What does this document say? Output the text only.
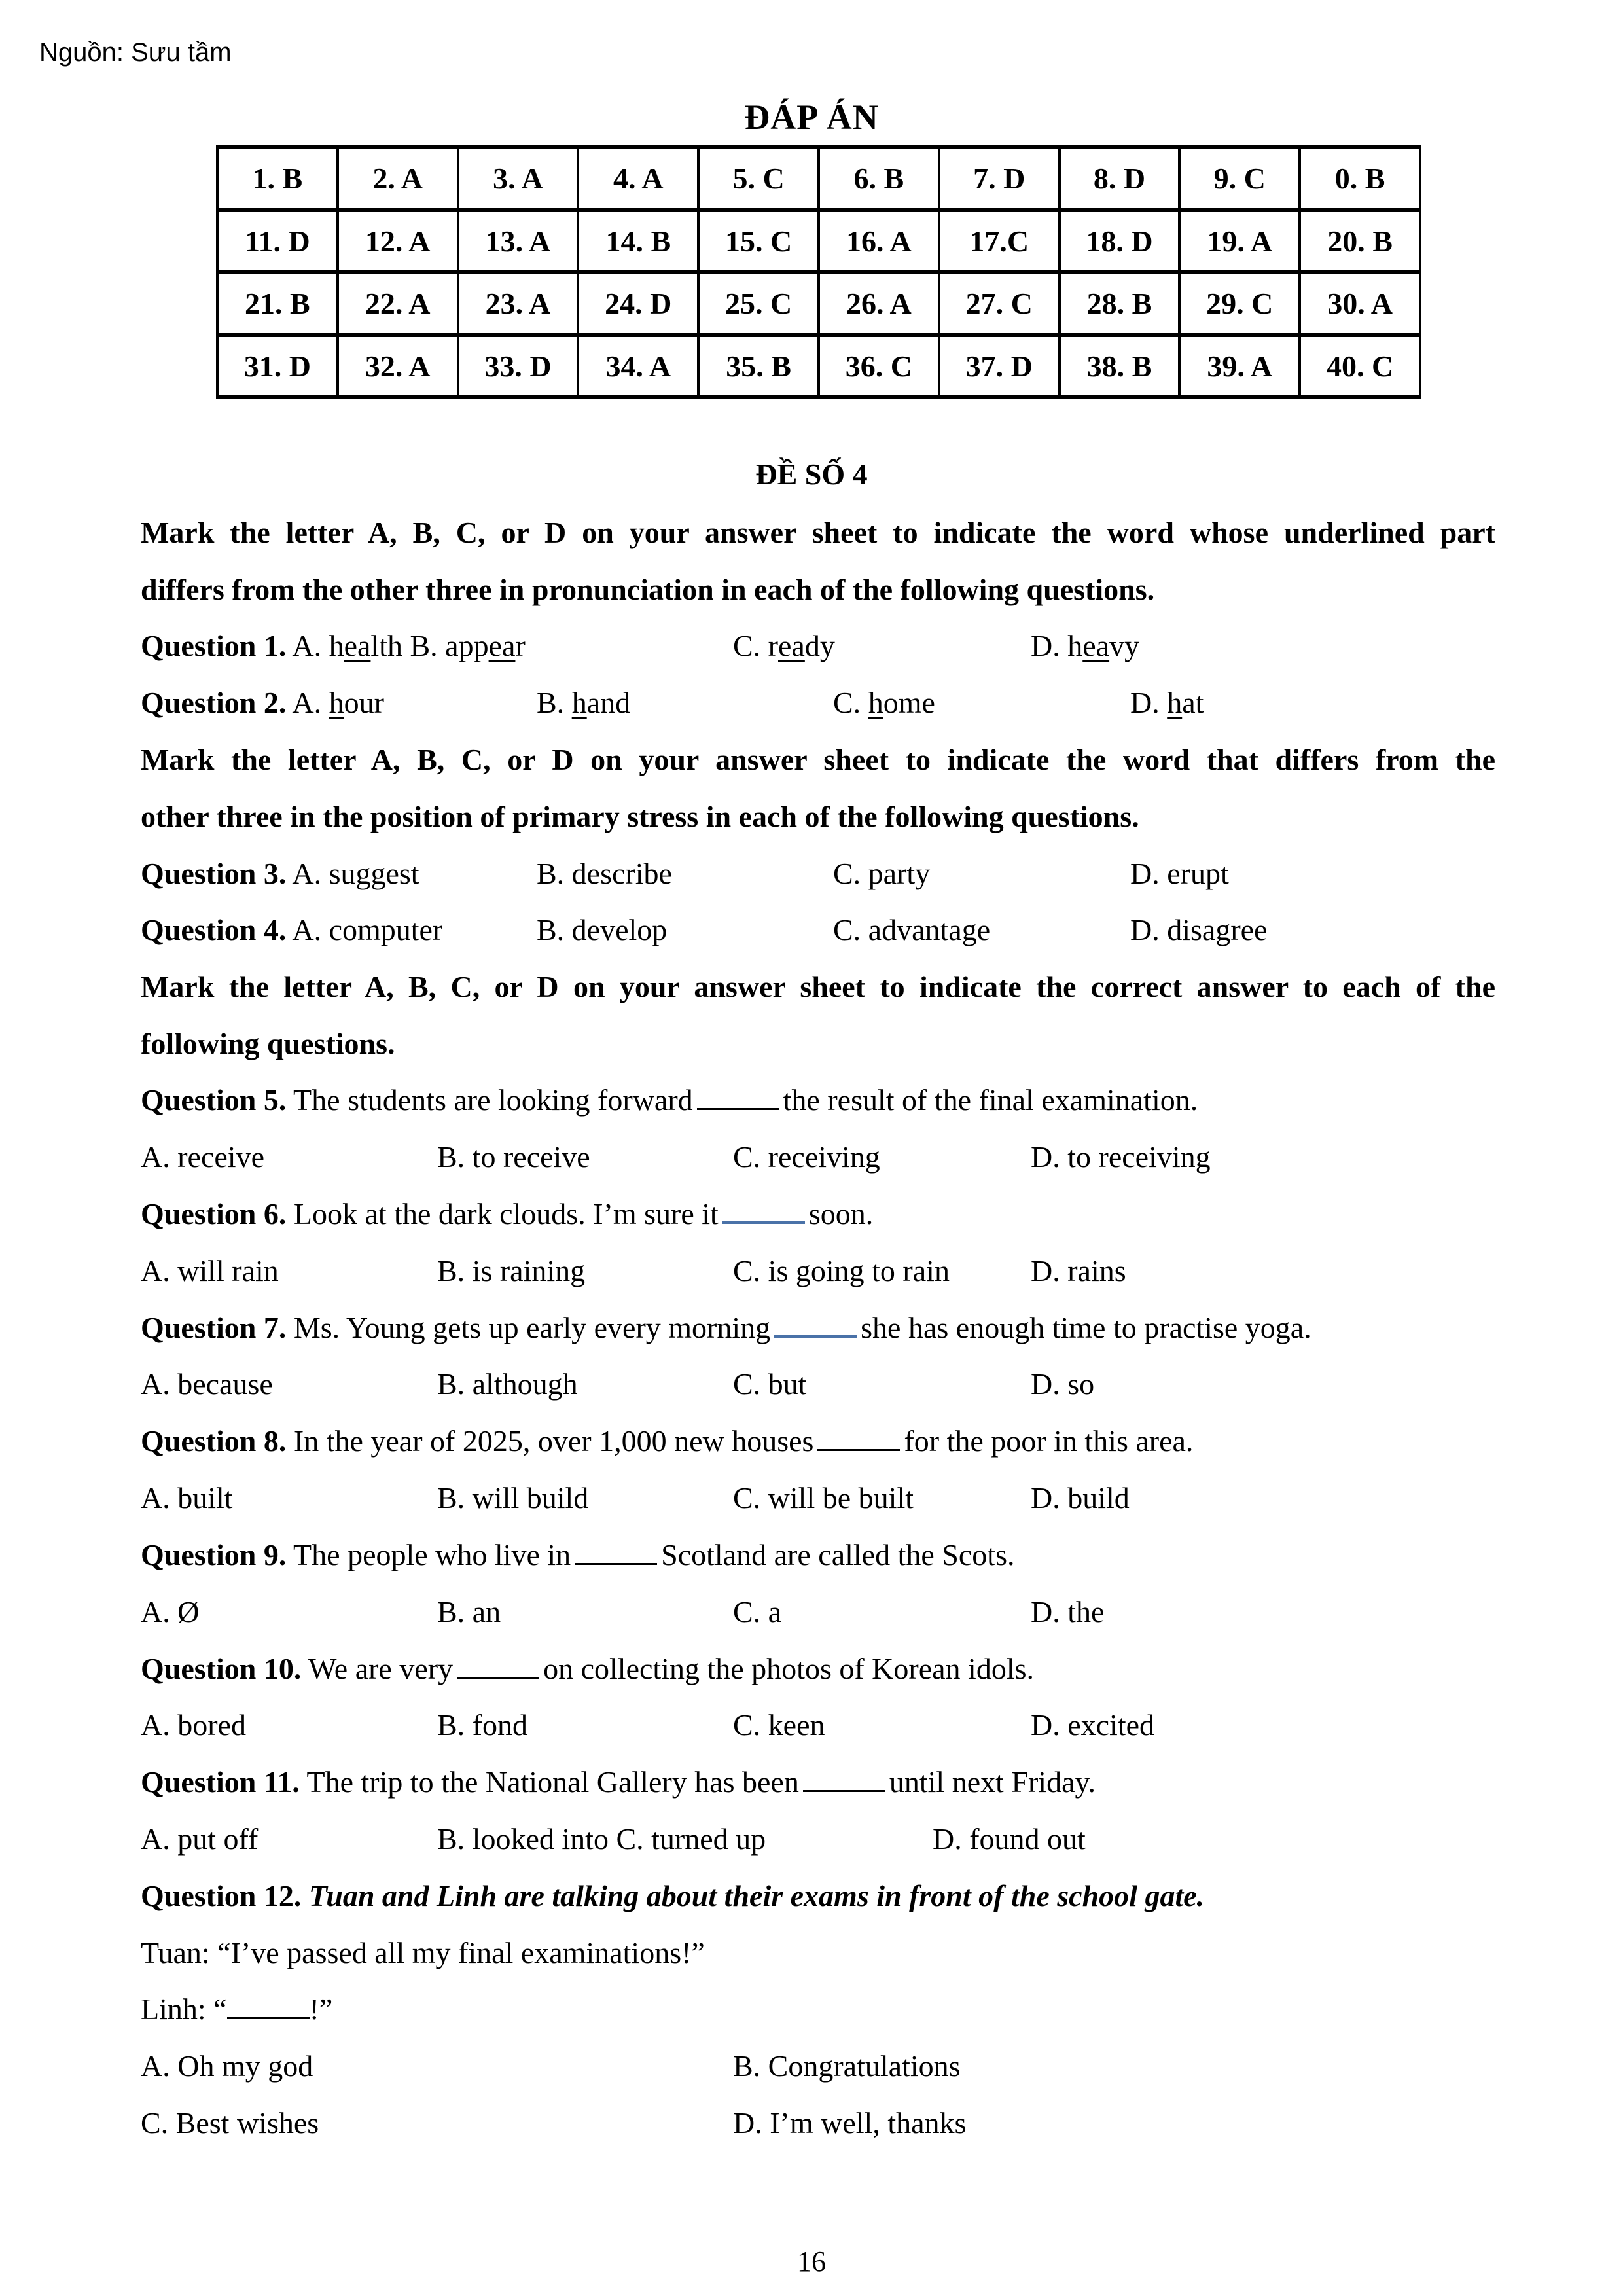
Nguồn: Sưu tầm
ĐÁP ÁN
1. B	2. A	3. A	4. A	5. C	6. B	7. D	8. D	9. C	0. B
11. D	12. A	13. A	14. B	15. C	16. A	17.C	18. D	19. A	20. B
21. B	22. A	23. A	24. D	25. C	26. A	27. C	28. B	29. C	30. A
31. D	32. A	33. D	34. A	35. B	36. C	37. D	38. B	39. A	40. C
ĐỀ SỐ 4
Mark the letter A, B, C, or D on your answer sheet to indicate the word whose underlined part
differs from the other three in pronunciation in each of the following questions.
Question 1. A. health B. appear	C. ready	D. heavy
Question 2. A. hour	B. hand	C. home	D. hat
Mark the letter A, B, C, or D on your answer sheet to indicate the word that differs from the
other three in the position of primary stress in each of the following questions.
Question 3. A. suggest	B. describe	C. party	D. erupt
Question 4. A. computer	B. develop	C. advantage	D. disagree
Mark the letter A, B, C, or D on your answer sheet to indicate the correct answer to each of the
following questions.
Question 5. The students are looking forward	the result of the final examination.
A. receive	B. to receive	C. receiving	D. to receiving
Question 6. Look at the dark clouds. I’m sure it	soon.
A. will rain	B. is raining	C. is going to rain	D. rains
Question 7. Ms. Young gets up early every morning	she has enough time to practise yoga.
A. because	B. although	C. but	D. so
Question 8. In the year of 2025, over 1,000 new houses	for the poor in this area.
A. built	B. will build	C. will be built	D. build
Question 9. The people who live in	Scotland are called the Scots.
A. Ø	B. an	C. a	D. the
Question 10. We are very	on collecting the photos of Korean idols.
A. bored	B. fond	C. keen	D. excited
Question 11. The trip to the National Gallery has been	until next Friday.
A. put off	B. looked into C. turned up	D. found out
Question 12. Tuan and Linh are talking about their exams in front of the school gate.
Tuan: “I’ve passed all my final examinations!”
Linh: “	!”
A. Oh my god	B. Congratulations
C. Best wishes	D. I’m well, thanks
16
